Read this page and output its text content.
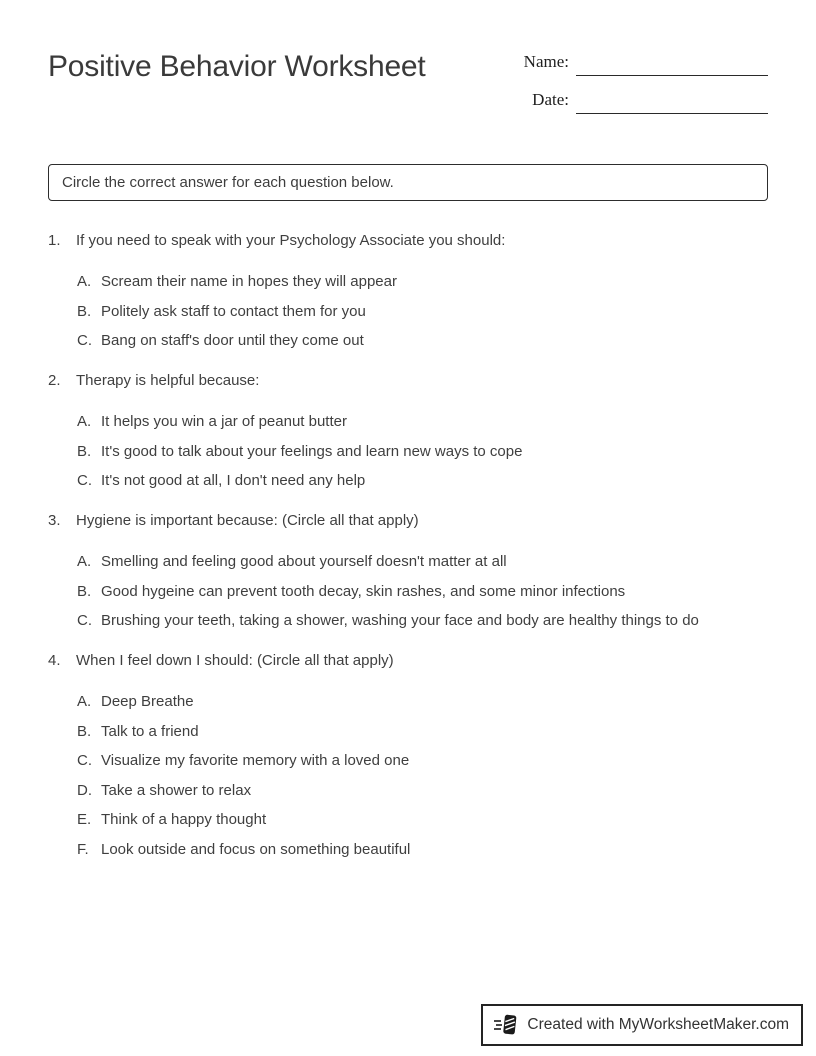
Positive Behavior Worksheet	Name:
Date:
Circle the correct answer for each question below.
1.	If you need to speak with your Psychology Associate you should:
A. Scream their name in hopes they will appear
B. Politely ask staff to contact them for you
C. Bang on staff's door until they come out
2.	Therapy is helpful because:
A. It helps you win a jar of peanut butter
B. It's good to talk about your feelings and learn new ways to cope
C. It's not good at all, I don't need any help
3.	Hygiene is important because: (Circle all that apply)
A. Smelling and feeling good about yourself doesn't matter at all
B. Good hygeine can prevent tooth decay, skin rashes, and some minor infections
C. Brushing your teeth, taking a shower, washing your face and body are healthy things to do
4.	When I feel down I should: (Circle all that apply)
A. Deep Breathe
B. Talk to a friend
C. Visualize my favorite memory with a loved one
D. Take a shower to relax
E. Think of a happy thought
F. Look outside and focus on something beautiful
Created with MyWorksheetMaker.com
